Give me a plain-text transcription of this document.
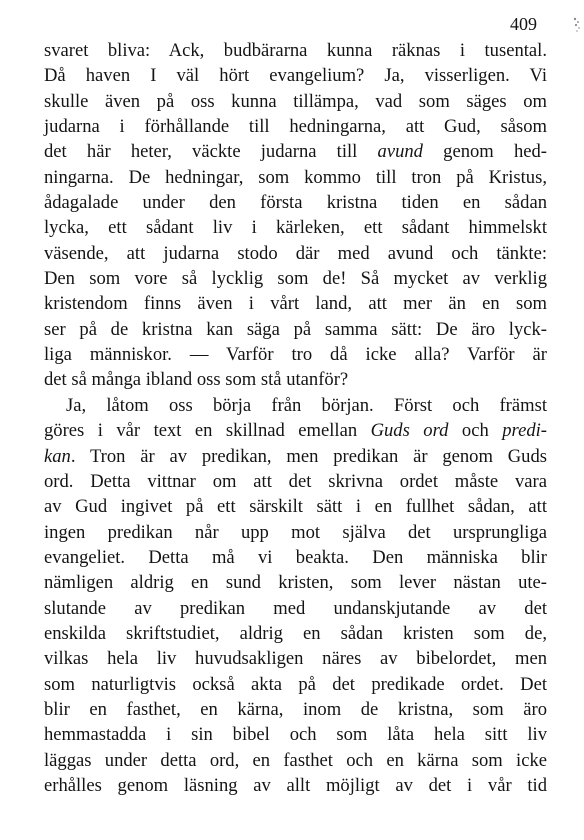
409
svaret bliva: Ack, budbärarna kunna räknas i tusental.
Då haven I väl hört evangelium? Ja, visserligen. Vi
skulle även på oss kunna tillämpa, vad som säges om
judarna i förhållande till hedningarna, att Gud, såsom
det här heter, väckte judarna till avund genom hed-
ningarna. De hedningar, som kommo till tron på Kristus,
ådagalade under den första kristna tiden en sådan
lycka, ett sådant liv i kärleken, ett sådant himmelskt
väsende, att judarna stodo där med avund och tänkte:
Den som vore så lycklig som de! Så mycket av verklig
kristendom finns även i vårt land, att mer än en som
ser på de kristna kan säga på samma sätt: De äro lyck-
liga människor. — Varför tro då icke alla? Varför är
det så många ibland oss som stå utanför?
Ja, låtom oss börja från början. Först och främst
göres i vår text en skillnad emellan Guds ord och predi-
kan. Tron är av predikan, men predikan är genom Guds
ord. Detta vittnar om att det skrivna ordet måste vara
av Gud ingivet på ett särskilt sätt i en fullhet sådan, att
ingen predikan når upp mot själva det ursprungliga
evangeliet. Detta må vi beakta. Den människa blir
nämligen aldrig en sund kristen, som lever nästan ute-
slutande av predikan med undanskjutande av det
enskilda skriftstudiet, aldrig en sådan kristen som de,
vilkas hela liv huvudsakligen näres av bibelordet, men
som naturligtvis också akta på det predikade ordet. Det
blir en fasthet, en kärna, inom de kristna, som äro
hemmastadda i sin bibel och som låta hela sitt liv
läggas under detta ord, en fasthet och en kärna som icke
erhålles genom läsning av allt möjligt av det i vår tid
